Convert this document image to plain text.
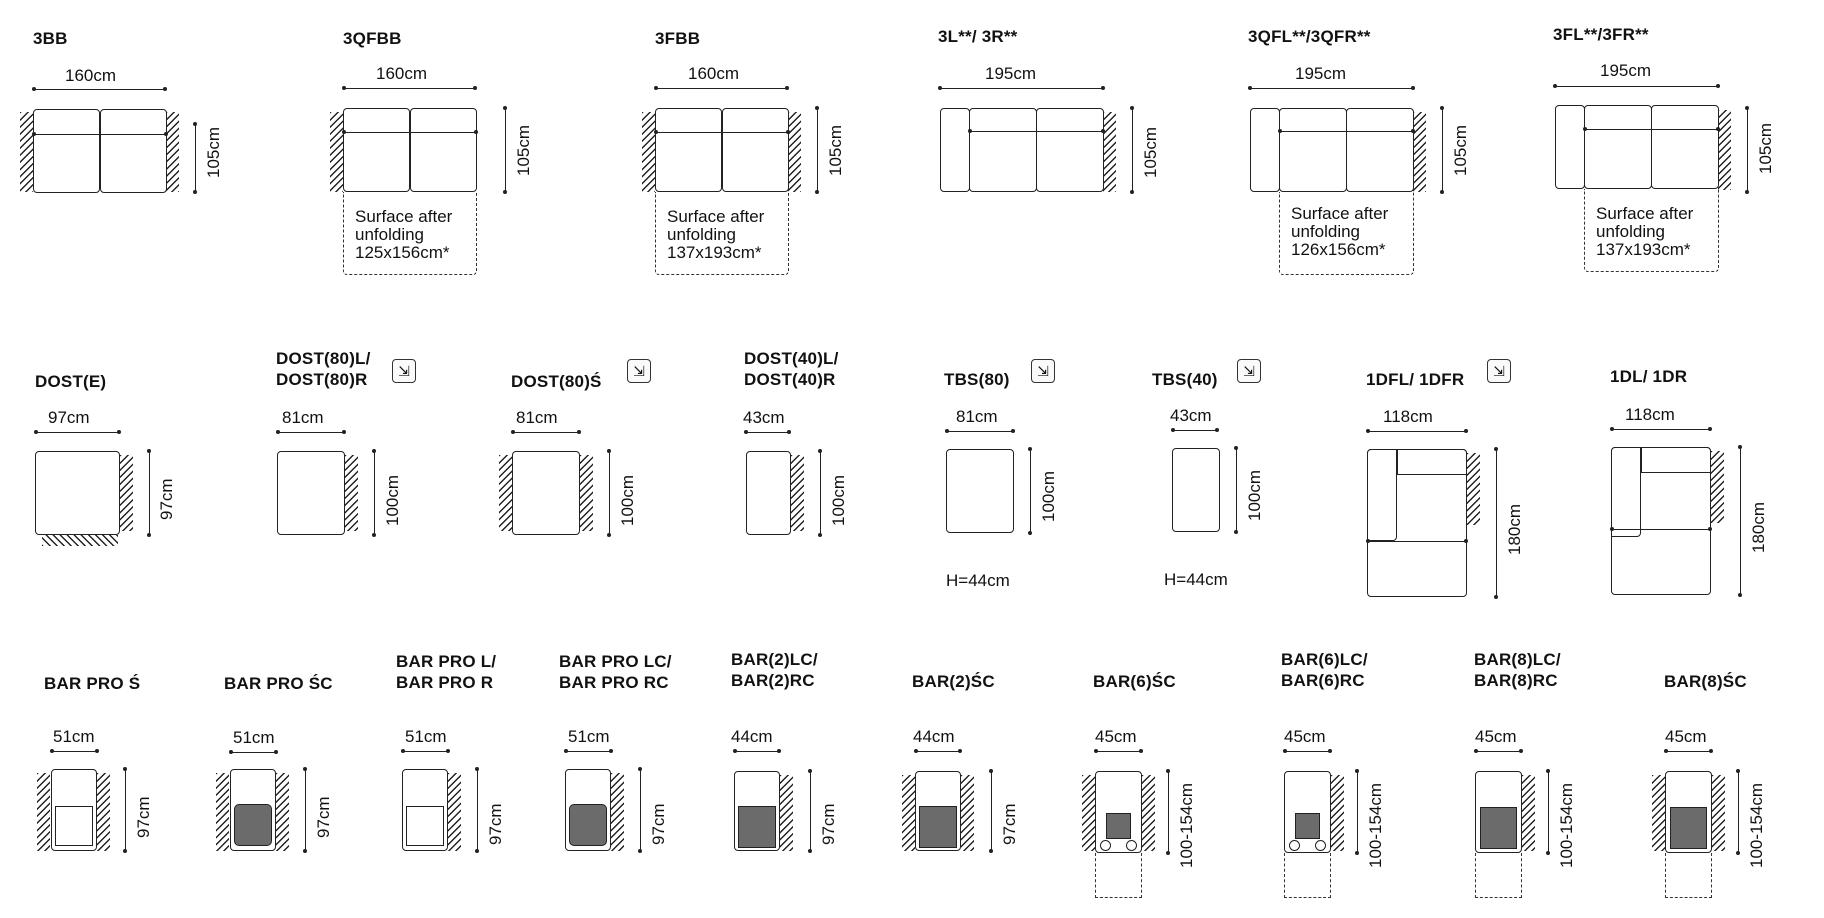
3BB
160cm
105cm
3QFBB
160cm
Surface after
unfolding
125x156cm*
105cm
3FBB
160cm
Surface after
unfolding
137x193cm*
105cm
3L**/ 3R**
195cm
105cm
3QFL**/3QFR**
195cm
Surface after
unfolding
126x156cm*
105cm
3FL**/3FR**
195cm
Surface after
unfolding
137x193cm*
105cm
DOST(E)
97cm
97cm
DOST(80)L/
DOST(80)R	⇲
81cm
100cm
DOST(80)Ś
⇲
81cm
100cm
DOST(40)L/
DOST(40)R
43cm
100cm
TBS(80)	⇲
81cm
100cm
H=44cm
TBS(40)	⇲
43cm
100cm
H=44cm
1DFL/ 1DFR	⇲
118cm
180cm
1DL/ 1DR
118cm
180cm
BAR PRO Ś
51cm
97cm
BAR PRO ŚC
51cm
97cm
BAR PRO L/
BAR PRO R
51cm
97cm
BAR PRO LC/
BAR PRO RC
51cm
97cm
BAR(2)LC/
BAR(2)RC
44cm
97cm
BAR(2)ŚC
44cm
97cm
BAR(6)ŚC
45cm
100-154cm
BAR(6)LC/
BAR(6)RC
45cm
100-154cm
BAR(8)LC/
BAR(8)RC
45cm
100-154cm
BAR(8)ŚC
45cm
100-154cm
